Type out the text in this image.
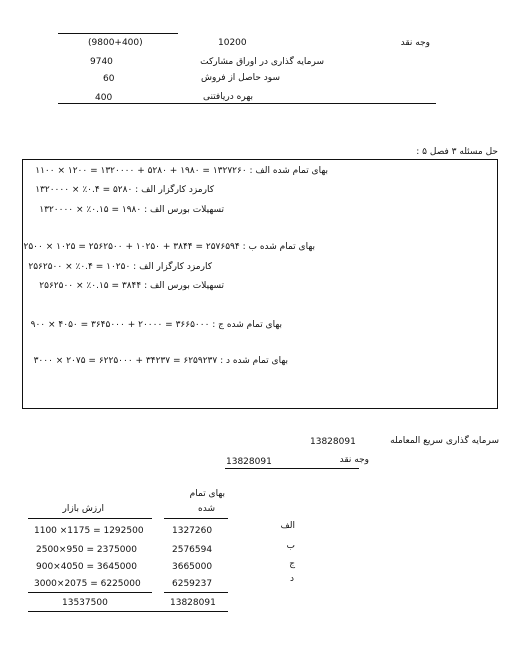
وجه نقد
10200
(9800+400)
سرمایه گذاری در اوراق مشارکت
9740
سود حاصل از فروش
60
بهره دریافتنی
400
حل مسئله ۳ فصل ۵ :
بهای تمام شده الف : ۱۳۲۷۲۶۰ = ۱۹۸۰ + ۵۲۸۰ + ۱۳۲۰۰۰۰ = ۱۲۰۰ × ۱۱۰۰
کارمزد کارگزار الف : ۵۲۸۰ = ۰.۴٪ × ۱۳۲۰۰۰۰
تسهیلات بورس الف : ۱۹۸۰ = ۰.۱۵٪ × ۱۳۲۰۰۰۰
بهای تمام شده ب : ۲۵۷۶۵۹۴ = ۳۸۴۴ + ۱۰۲۵۰ + ۲۵۶۲۵۰۰ = ۱۰۲۵ × ۲۵۰۰
کارمزد کارگزار الف : ۱۰۲۵۰ = ۰.۴٪ × ۲۵۶۲۵۰۰
تسهیلات بورس الف : ۳۸۴۴ = ۰.۱۵٪ × ۲۵۶۲۵۰۰
بهای تمام شده ج : ۳۶۶۵۰۰۰ = ۲۰۰۰۰ + ۳۶۴۵۰۰۰ = ۴۰۵۰ × ۹۰۰
بهای تمام شده د : ۶۲۵۹۲۳۷ = ۳۴۲۳۷ + ۶۲۲۵۰۰۰ = ۲۰۷۵ × ۳۰۰۰
سرمایه گذاری سریع المعامله
13828091
وجه نقد
13828091
بهای تمام
شده
ارزش بازار
الف
1327260
1100 ×1175 = 1292500
ب
2576594
2500×950 = 2375000
ج
3665000
900×4050 = 3645000
د
6259237
3000×2075 = 6225000
13537500	13828091
